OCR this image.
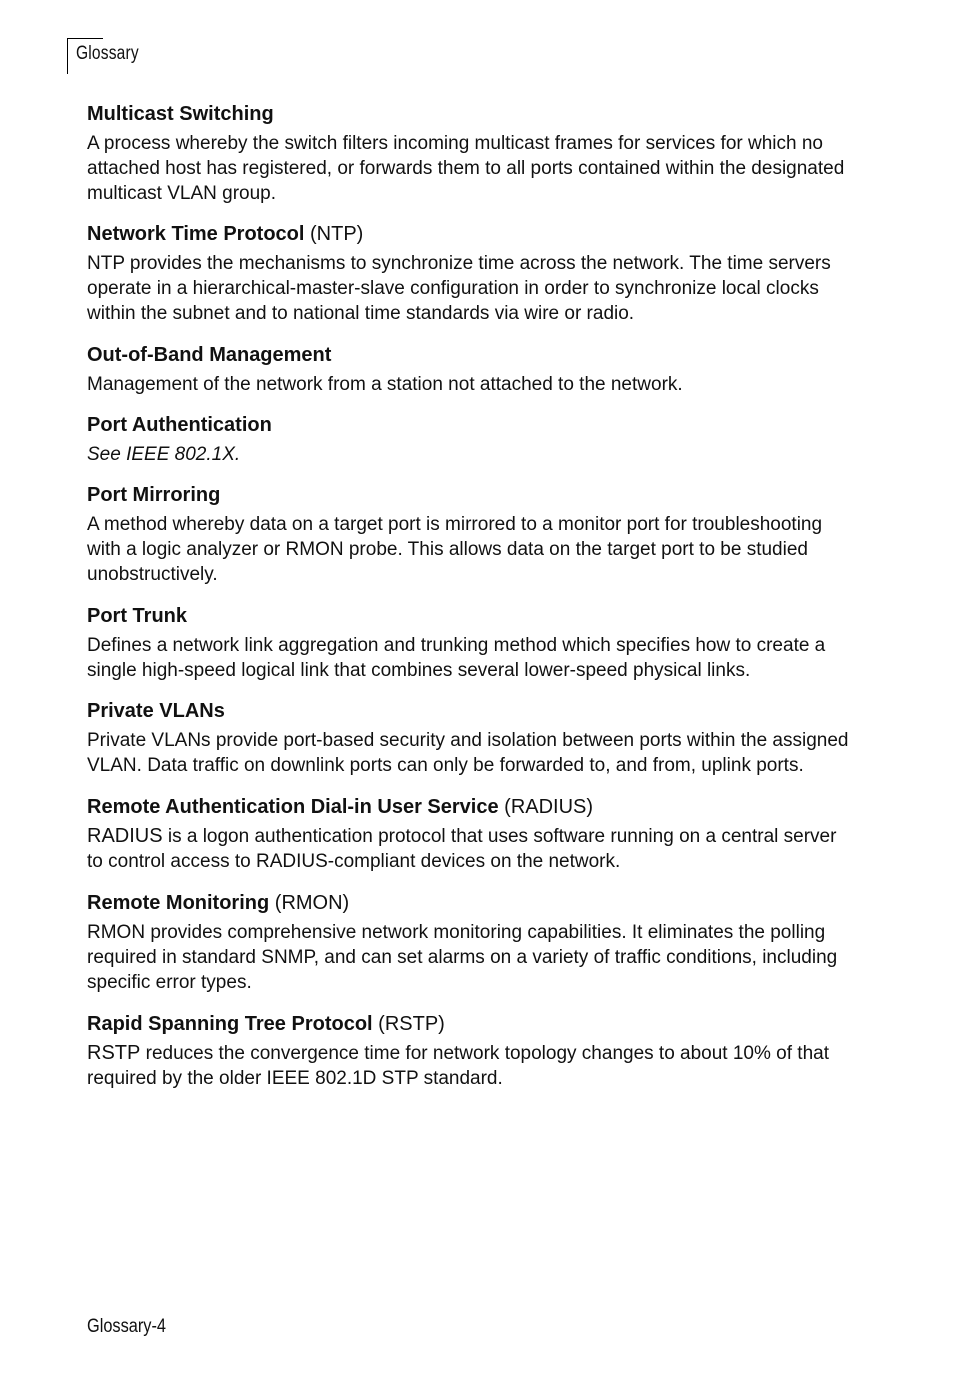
Glossary

Multicast Switching

A process whereby the switch filters incoming multicast frames for services for which no attached host has registered, or forwards them to all ports contained within the designated multicast VLAN group.

Network Time Protocol (NTP)

NTP provides the mechanisms to synchronize time across the network. The time servers operate in a hierarchical-master-slave configuration in order to synchronize local clocks within the subnet and to national time standards via wire or radio.

Out-of-Band Management

Management of the network from a station not attached to the network.

Port Authentication

See IEEE 802.1X.

Port Mirroring

A method whereby data on a target port is mirrored to a monitor port for troubleshooting with a logic analyzer or RMON probe. This allows data on the target port to be studied unobstructively.

Port Trunk

Defines a network link aggregation and trunking method which specifies how to create a single high-speed logical link that combines several lower-speed physical links.

Private VLANs

Private VLANs provide port-based security and isolation between ports within the assigned VLAN. Data traffic on downlink ports can only be forwarded to, and from, uplink ports.

Remote Authentication Dial-in User Service (RADIUS)

RADIUS is a logon authentication protocol that uses software running on a central server to control access to RADIUS-compliant devices on the network.

Remote Monitoring (RMON)

RMON provides comprehensive network monitoring capabilities. It eliminates the polling required in standard SNMP, and can set alarms on a variety of traffic conditions, including specific error types.

Rapid Spanning Tree Protocol (RSTP)

RSTP reduces the convergence time for network topology changes to about 10% of that required by the older IEEE 802.1D STP standard.

Glossary-4
